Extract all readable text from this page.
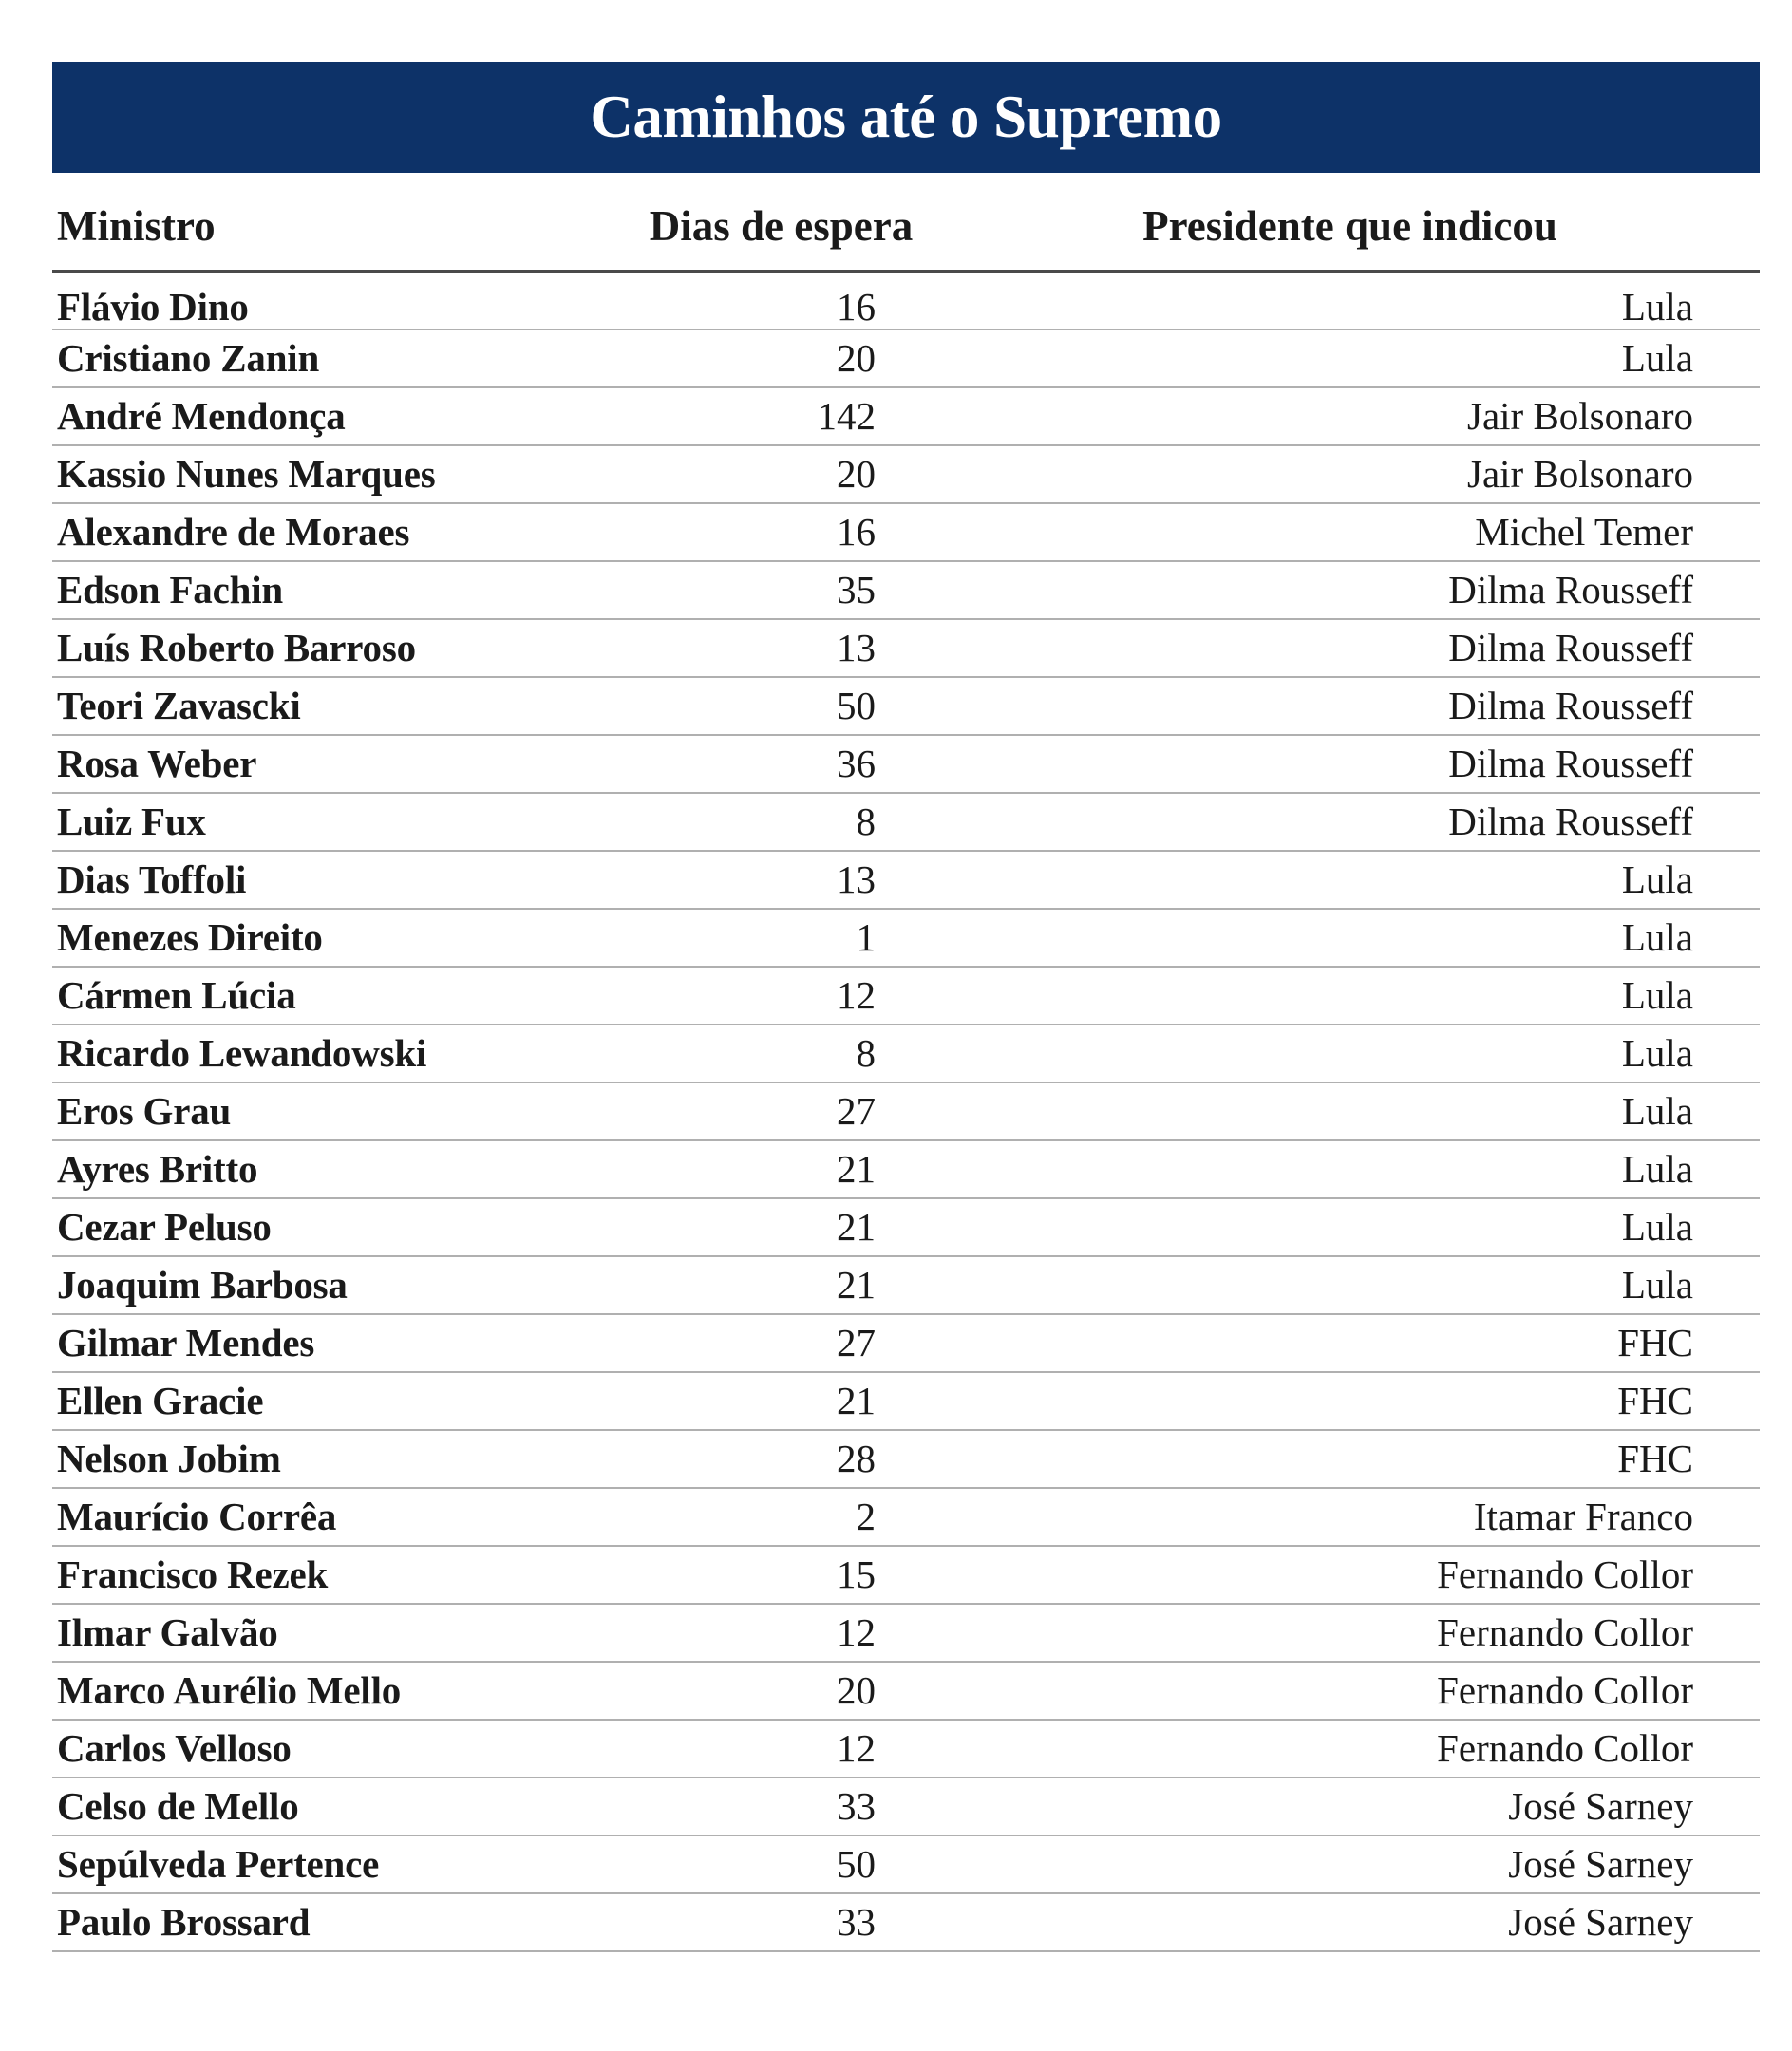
Caminhos até o Supremo
Ministro	Dias de espera	Presidente que indicou
Flávio Dino	16	Lula
Cristiano Zanin	20	Lula
André Mendonça	142	Jair Bolsonaro
Kassio Nunes Marques	20	Jair Bolsonaro
Alexandre de Moraes	16	Michel Temer
Edson Fachin	35	Dilma Rousseff
Luís Roberto Barroso	13	Dilma Rousseff
Teori Zavascki	50	Dilma Rousseff
Rosa Weber	36	Dilma Rousseff
Luiz Fux	8	Dilma Rousseff
Dias Toffoli	13	Lula
Menezes Direito	1	Lula
Cármen Lúcia	12	Lula
Ricardo Lewandowski	8	Lula
Eros Grau	27	Lula
Ayres Britto	21	Lula
Cezar Peluso	21	Lula
Joaquim Barbosa	21	Lula
Gilmar Mendes	27	FHC
Ellen Gracie	21	FHC
Nelson Jobim	28	FHC
Maurício Corrêa	2	Itamar Franco
Francisco Rezek	15	Fernando Collor
Ilmar Galvão	12	Fernando Collor
Marco Aurélio Mello	20	Fernando Collor
Carlos Velloso	12	Fernando Collor
Celso de Mello	33	José Sarney
Sepúlveda Pertence	50	José Sarney
Paulo Brossard	33	José Sarney
